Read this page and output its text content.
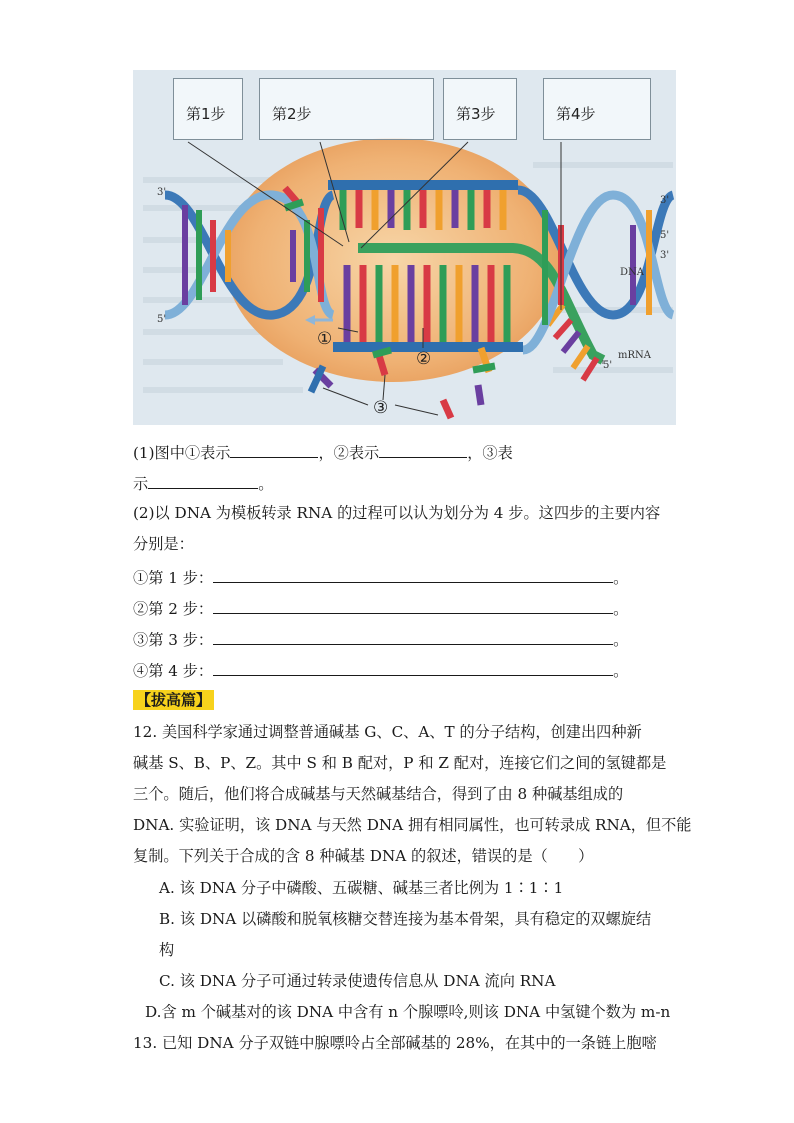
第1步	第2步	第3步	第4步
①
②
③
3'
5'
3'
5'
5'
3'
DNA
mRNA
(1)图中①表示	，②表示	，③表
示	。
(2)以 DNA 为模板转录 RNA 的过程可以认为划分为 4 步。这四步的主要内容
分别是：
①第 1 步：	。
②第 2 步：	。
③第 3 步：	。
④第 4 步：	。
【拔高篇】
12. 美国科学家通过调整普通碱基 G、C、A、T 的分子结构，创建出四种新
碱基 S、B、P、Z。其中 S 和 B 配对，P 和 Z 配对，连接它们之间的氢键都是
三个。随后，他们将合成碱基与天然碱基结合，得到了由 8 种碱基组成的
DNA. 实验证明，该 DNA 与天然 DNA 拥有相同属性，也可转录成 RNA，但不能
复制。下列关于合成的含 8 种碱基 DNA 的叙述，错误的是（　　）
A. 该 DNA 分子中磷酸、五碳糖、碱基三者比例为 1∶1∶1
B. 该 DNA 以磷酸和脱氧核糖交替连接为基本骨架，具有稳定的双螺旋结
构
C. 该 DNA 分子可通过转录使遗传信息从 DNA 流向 RNA
D.含 m 个碱基对的该 DNA 中含有 n 个腺嘌呤,则该 DNA 中氢键个数为 m-n
13. 已知 DNA 分子双链中腺嘌呤占全部碱基的 28%，在其中的一条链上胞嘧
